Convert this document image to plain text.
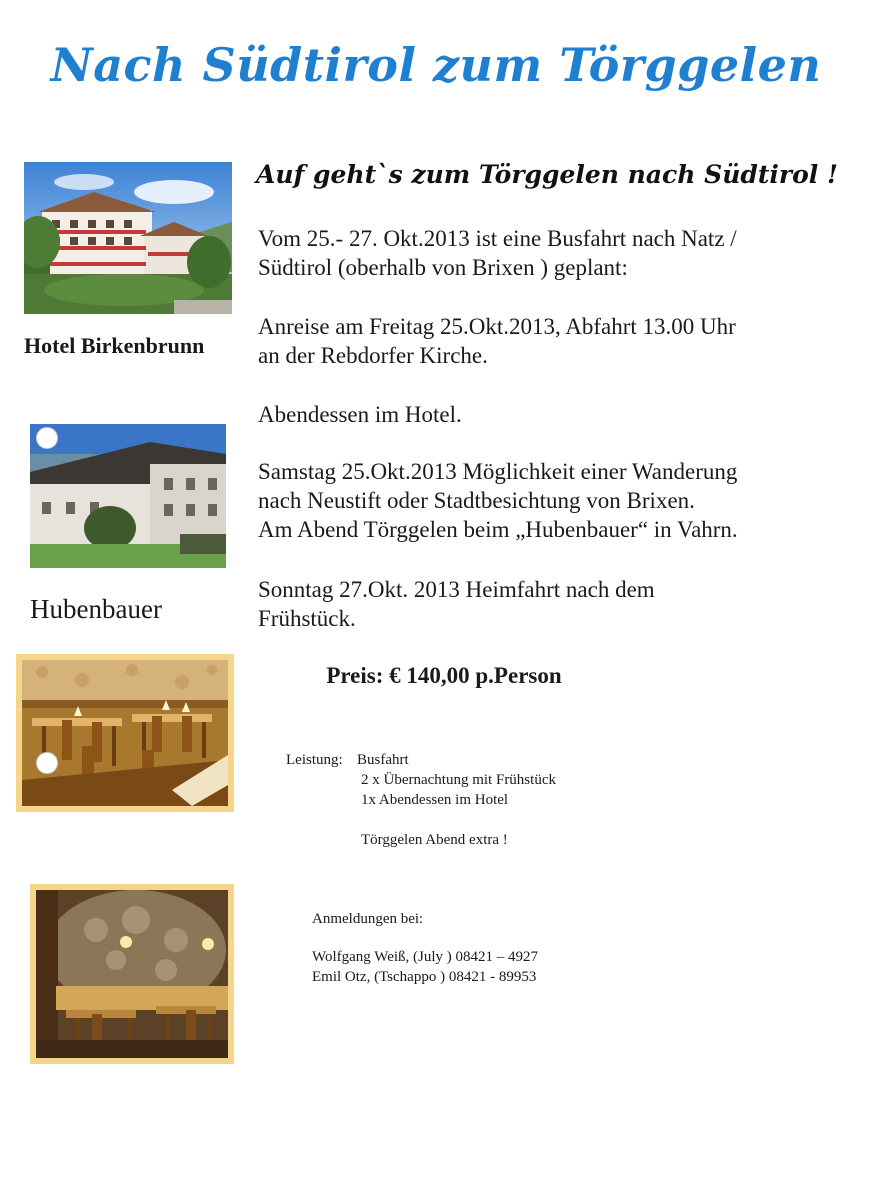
Nach Südtirol zum Törggelen
Auf geht`s zum Törggelen nach Südtirol !
Hotel Birkenbrunn
Hubenbauer
Vom 25.- 27. Okt.2013 ist eine Busfahrt nach Natz /
Südtirol (oberhalb von Brixen ) geplant:
Anreise am Freitag 25.Okt.2013, Abfahrt 13.00 Uhr
an der Rebdorfer Kirche.
Abendessen im Hotel.
Samstag 25.Okt.2013 Möglichkeit einer Wanderung
nach Neustift oder Stadtbesichtung von Brixen.
Am Abend Törggelen beim „Hubenbauer“ in Vahrn.
Sonntag 27.Okt. 2013 Heimfahrt nach dem
Frühstück.
Preis: € 140,00 p.Person
Leistung: Busfahrt
2 x Übernachtung mit Frühstück
1x Abendessen im Hotel
Törggelen Abend extra !
Anmeldungen bei:
Wolfgang Weiß, (July ) 08421 – 4927
Emil Otz, (Tschappo ) 08421 - 89953
